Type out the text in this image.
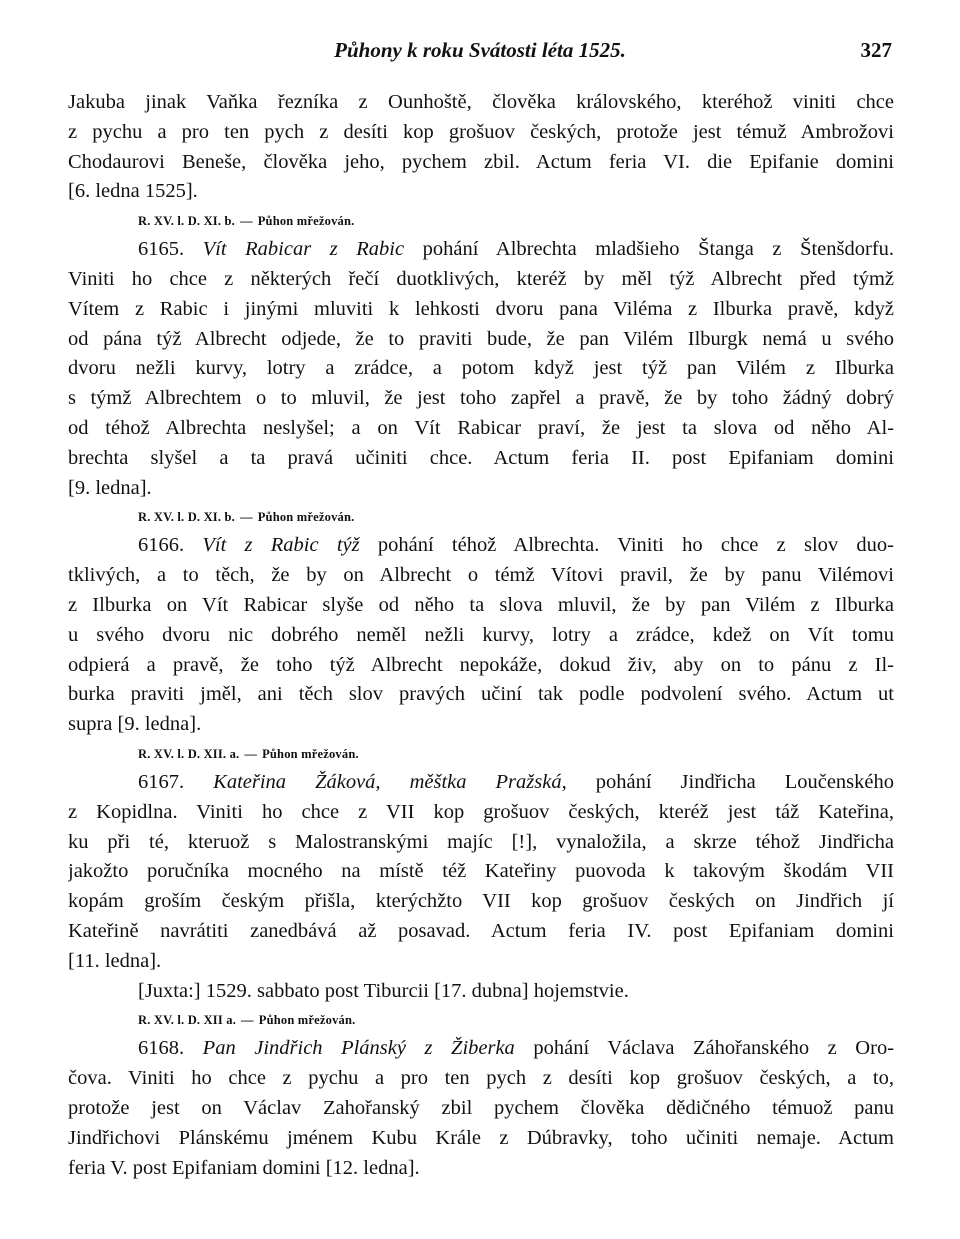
Půhony k roku Svátosti léta 1525.	327
Jakuba jinak Vaňka řezníka z Ounhoště, člověka královského, kteréhož viniti chce
z pychu a pro ten pych z desíti kop grošuov českých, protože jest témuž Ambrožovi
Chodaurovi Beneše, člověka jeho, pychem zbil. Actum feria VI. die Epifanie domini
[6. ledna 1525].
R. XV. l. D. XI. b. — Půhon mřežován.
6165. Vít Rabicar z Rabic pohání Albrechta mladšieho Štanga z Štenšdorfu.
Viniti ho chce z některých řečí duotklivých, kteréž by měl týž Albrecht před týmž
Vítem z Rabic i jinými mluviti k lehkosti dvoru pana Viléma z Ilburka pravě, když
od pána týž Albrecht odjede, že to praviti bude, že pan Vilém Ilburgk nemá u svého
dvoru nežli kurvy, lotry a zrádce, a potom když jest týž pan Vilém z Ilburka
s týmž Albrechtem o to mluvil, že jest toho zapřel a pravě, že by toho žádný dobrý
od téhož Albrechta neslyšel; a on Vít Rabicar praví, že jest ta slova od něho Al-
brechta slyšel a ta pravá učiniti chce. Actum feria II. post Epifaniam domini
[9. ledna].
R. XV. l. D. XI. b. — Půhon mřežován.
6166. Vít z Rabic týž pohání téhož Albrechta. Viniti ho chce z slov duo-
tklivých, a to těch, že by on Albrecht o témž Vítovi pravil, že by panu Vilémovi
z Ilburka on Vít Rabicar slyše od něho ta slova mluvil, že by pan Vilém z Ilburka
u svého dvoru nic dobrého neměl nežli kurvy, lotry a zrádce, kdež on Vít tomu
odpierá a pravě, že toho týž Albrecht nepokáže, dokud živ, aby on to pánu z Il-
burka praviti jměl, ani těch slov pravých učiní tak podle podvolení svého. Actum ut
supra [9. ledna].
R. XV. l. D. XII. a. — Půhon mřežován.
6167. Kateřina Žáková, měštka Pražská, pohání Jindřicha Loučenského
z Kopidlna. Viniti ho chce z VII kop grošuov českých, kteréž jest táž Kateřina,
ku při té, kteruož s Malostranskými majíc [!], vynaložila, a skrze téhož Jindřicha
jakožto poručníka mocného na místě též Kateřiny puovoda k takovým škodám VII
kopám groším českým přišla, kterýchžto VII kop grošuov českých on Jindřich jí
Kateřině navrátiti zanedbává až posavad. Actum feria IV. post Epifaniam domini
[11. ledna].
[Juxta:] 1529. sabbato post Tiburcii [17. dubna] hojemstvie.
R. XV. l. D. XII a. — Půhon mřežován.
6168. Pan Jindřich Plánský z Žiberka pohání Václava Záhořanského z Oro-
čova. Viniti ho chce z pychu a pro ten pych z desíti kop grošuov českých, a to,
protože jest on Václav Zahořanský zbil pychem člověka dědičného témuož panu
Jindřichovi Plánskému jménem Kubu Krále z Dúbravky, toho učiniti nemaje. Actum
feria V. post Epifaniam domini [12. ledna].
